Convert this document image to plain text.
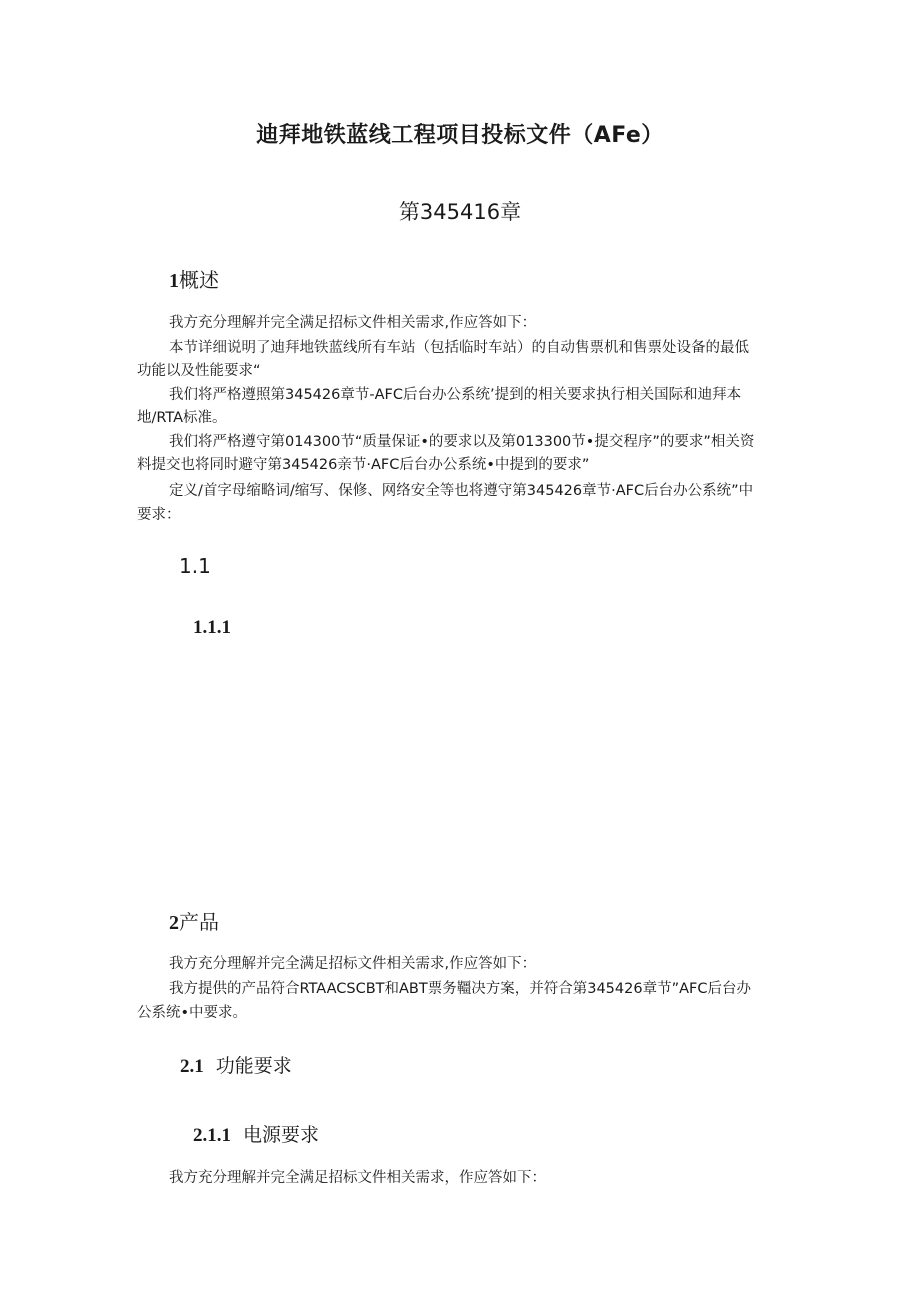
迪拜地铁蓝线工程项目投标文件（AFe）
第345416章
1概述
我方充分理解并完全满足招标文件相关需求,作应答如下：
本节详细说明了迪拜地铁蓝线所有车站（包括临时车站）的自动售票机和售票处设备的最低
功能以及性能要求“
我们将严格遵照第345426章节-AFC后台办公系统’提到的相关要求执行相关国际和迪拜本
地/RTA标准。
我们将严格遵守第014300节“质量保证•的要求以及第013300节•提交程序”的要求”相关资
料提交也将同时避守第345426亲节·AFC后台办公系统•中提到的要求”
定义/首字母缩略词/缩写、保修、网络安全等也将遵守第345426章节·AFC后台办公系统”中
要求：
1.1
1.1.1
2产品
我方充分理解并完全满足招标文件相关需求,作应答如下：
我方提供的产品符合RTAACSCBT和ABT票务韁决方案，并符合第345426章节”AFC后台办
公系统•中要求。
2.1 功能要求
2.1.1 电源要求
我方充分理解并完全满足招标文件相关需求，作应答如下：
